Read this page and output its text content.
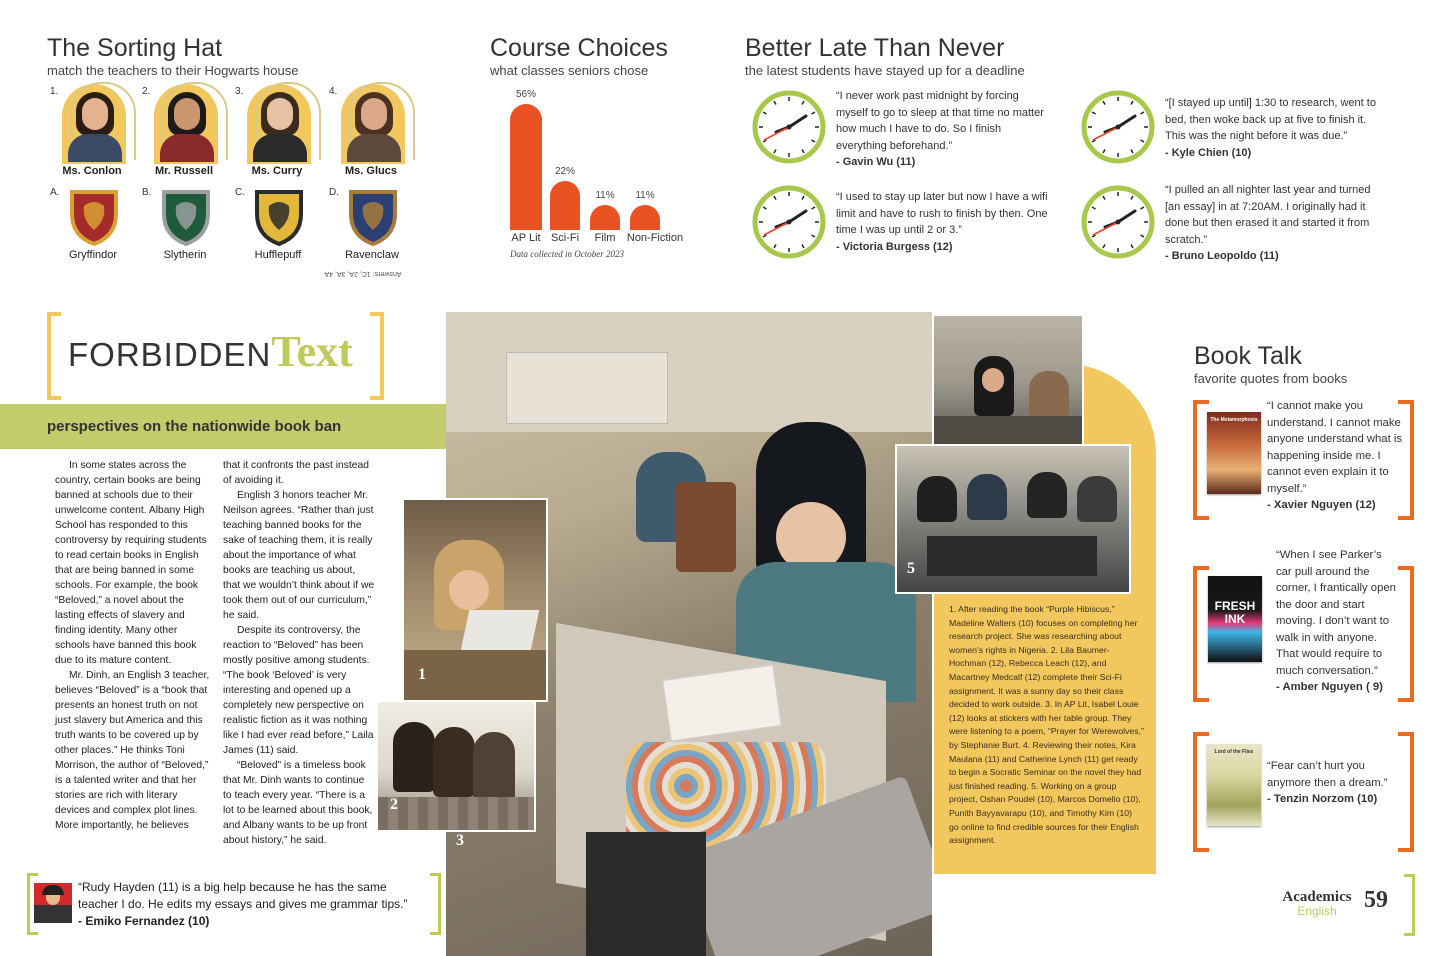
The Sorting Hat
match the teachers to their Hogwarts house
1.
Ms. Conlon
2.
Mr. Russell
3.
Ms. Curry
4.
Ms. Glucs
A.
Gryffindor
B.
Slytherin
C.
Hufflepuff
D.
Ravenclaw
Answers: 1C, 2A, 3A, 4A
Course Choices
what classes seniors chose
56%
AP Lit
22%
Sci-Fi
11%
Film
11%
Non-Fiction
Data collected in October 2023
Better Late Than Never
the latest students have stayed up for a deadline
“I never work past midnight by forcing myself to go to sleep at that time no matter how much I have to do. So I finish everything beforehand.”
- Gavin Wu (11)
“[I stayed up until] 1:30 to research, went to bed, then woke back up at five to finish it. This was the night before it was due.”
- Kyle Chien (10)
“I used to stay up later but now I have a wifi limit and have to rush to finish by then. One time I was up until 2 or 3.”
- Victoria Burgess (12)
“I pulled an all nighter last year and turned [an essay] in at 7:20AM. I originally had it done but then erased it and started it from scratch.”
- Bruno Leopoldo (11)
FORBIDDENText
perspectives on the nationwide book ban

In some states across the country, certain books are being banned at schools due to their unwelcome content. Albany High School has responded to this controversy by requiring students to read certain books in English that are being banned in some schools. For example, the book “Beloved,” a novel about the lasting effects of slavery and finding identity. Many other schools have banned this book due to its mature content.

Mr. Dinh, an English 3 teacher, believes “Beloved” is a “book that presents an honest truth on not just slavery but America and this truth wants to be covered up by other places.” He thinks Toni Morrison, the author of “Beloved,” is a talented writer and that her stories are rich with literary devices and complex plot lines. More importantly, he believes

that it confronts the past instead of avoiding it.

English 3 honors teacher Mr. Neilson agrees. “Rather than just teaching banned books for the sake of teaching them, it is really about the importance of what books are teaching us about, that we wouldn’t think about if we took them out of our curriculum,” he said.

Despite its controversy, the reaction to “Beloved” has been mostly positive among students. “The book ‘Beloved’ is very interesting and opened up a completely new perspective on realistic fiction as it was nothing like I had ever read before,” Laila James (11) said.

“Beloved” is a timeless book that Mr. Dinh wants to continue to teach every year. “There is a lot to be learned about this book, and Albany wants to be up front about history,” he said.

“Rudy Hayden (11) is a big help because he has the same teacher I do. He edits my essays and gives me grammar tips.”
- Emiko Fernandez (10)
3
1
2
5
1. After reading the book “Purple Hibiscus,” Madeline Walters (10) focuses on completing her research project. She was researching about women’s rights in Nigeria. 2. Lila Baumer-Hochman (12), Rebecca Leach (12), and Macartney Medcalf (12) complete their Sci-Fi assignment. It was a sunny day so their class decided to work outside. 3. In AP Lit, Isabel Louie (12) looks at stickers with her table group. They were listening to a poem, “Prayer for Werewolves,” by Stephanie Burt. 4. Reviewing their notes, Kira Maulana (11) and Catherine Lynch (11) get ready to begin a Socratic Seminar on the novel they had just finished reading. 5. Working on a group project, Oshan Poudel (10), Marcos Domelio (10), Punith Bayyavarapu (10), and Timothy Kim (10) go online to find credible sources for their English assignment.
Book Talk
favorite quotes from books
The Metamorphosis
“I cannot make you understand. I cannot make anyone understand what is happening inside me. I cannot even explain it to myself.”
- Xavier Nguyen (12)
FRESH INK
“When I see Parker’s car pull around the corner, I frantically open the door and start moving. I don’t want to walk in with anyone. That would require to much conversation.”
- Amber Nguyen ( 9)
Lord of the Flies
“Fear can’t hurt you anymore then a dream.”
- Tenzin Norzom (10)
Academics
English	59
